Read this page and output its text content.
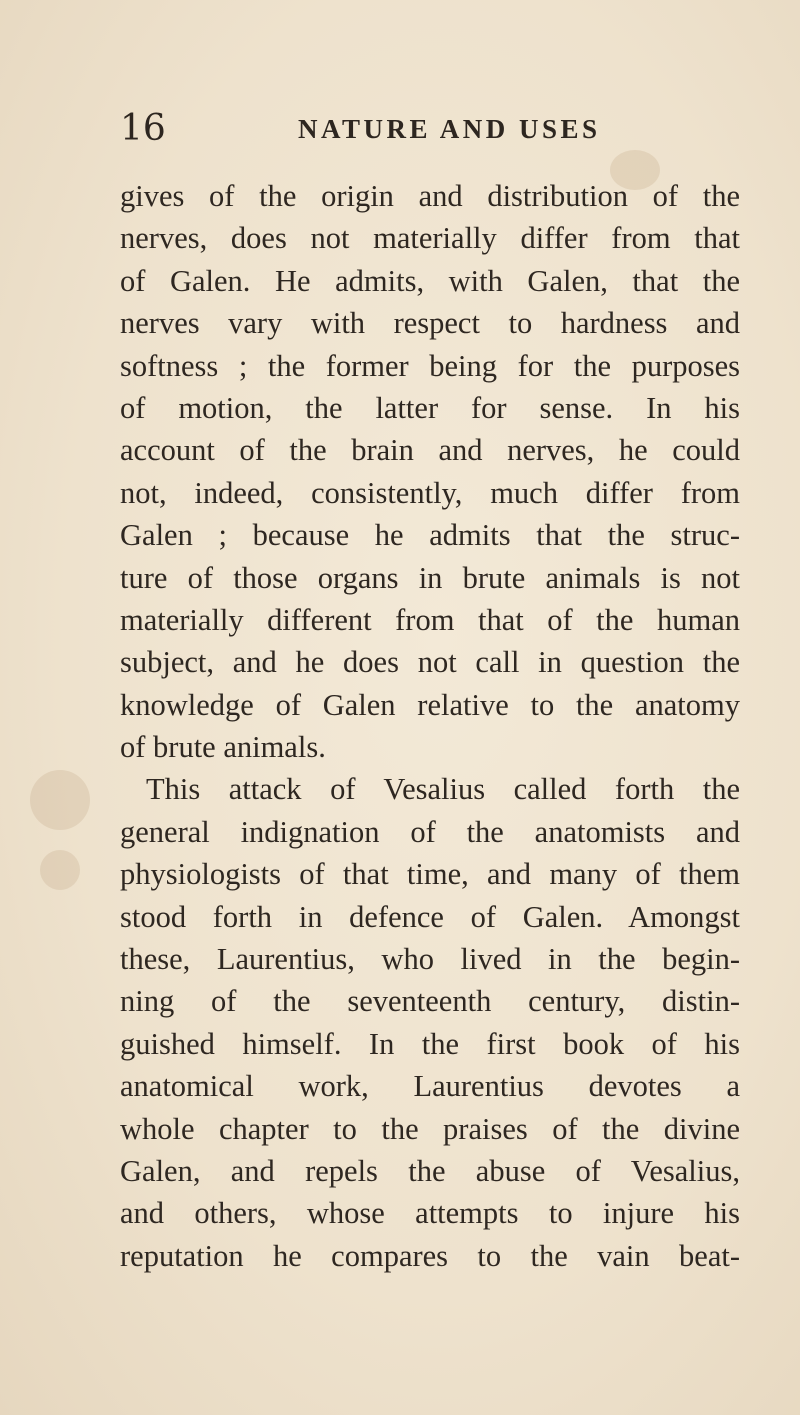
16	NATURE AND USES
gives of the origin and distribution of the
nerves, does not materially differ from that
of Galen. He admits, with Galen, that the
nerves vary with respect to hardness and
softness ; the former being for the purposes
of motion, the latter for sense. In his
account of the brain and nerves, he could
not, indeed, consistently, much differ from
Galen ; because he admits that the struc-
ture of those organs in brute animals is not
materially different from that of the human
subject, and he does not call in question the
knowledge of Galen relative to the anatomy
of brute animals.
This attack of Vesalius called forth the
general indignation of the anatomists and
physiologists of that time, and many of them
stood forth in defence of Galen. Amongst
these, Laurentius, who lived in the begin-
ning of the seventeenth century, distin-
guished himself. In the first book of his
anatomical work, Laurentius devotes a
whole chapter to the praises of the divine
Galen, and repels the abuse of Vesalius,
and others, whose attempts to injure his
reputation he compares to the vain beat-
